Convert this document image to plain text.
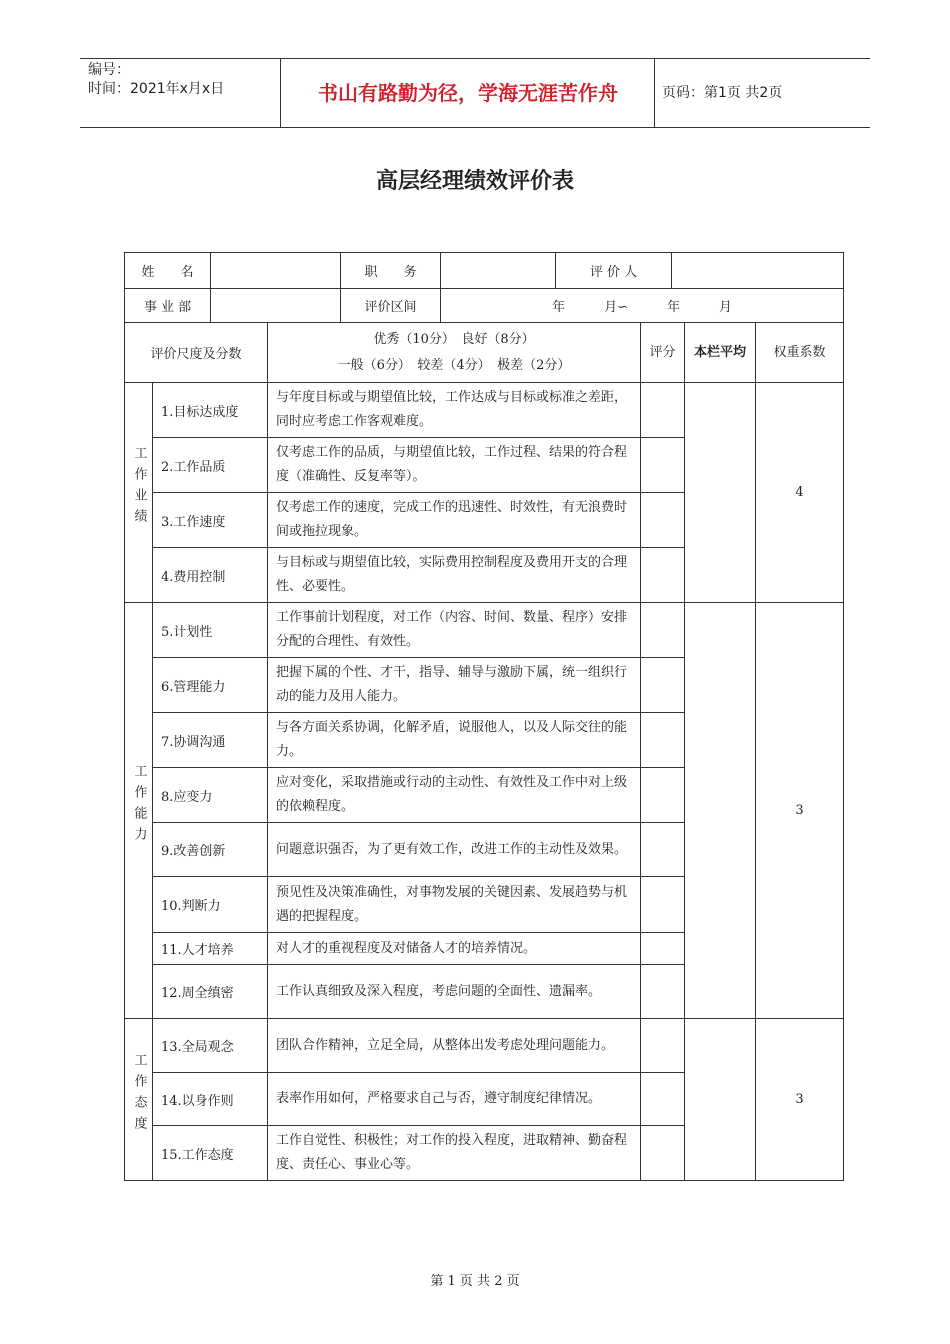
编号：
时间：2021年x月x日	书山有路勤为径，学海无涯苦作舟	页码：第1页 共2页
高层经理绩效评价表
姓　　名		职　　务		评 价 人	
事 业 部		评价区间	年　　　月∽　　　年　　　月		
评价尺度及分数		优秀（10分）　良好（8分）
一般（6分）　较差（4分）　极差（2分）	评分	本栏平均	权重系数
工作业绩	1.目标达成度	与年度目标或与期望值比较，工作达成与目标或标准之差距，同时应考虑工作客观难度。			4
	2.工作品质	仅考虑工作的品质，与期望值比较，工作过程、结果的符合程度（准确性、反复率等）。			
	3.工作速度	仅考虑工作的速度，完成工作的迅速性、时效性，有无浪费时间或拖拉现象。			
	4.费用控制	与目标或与期望值比较，实际费用控制程度及费用开支的合理性、必要性。			
工作能力	5.计划性	工作事前计划程度，对工作（内容、时间、数量、程序）安排分配的合理性、有效性。			3
	6.管理能力	把握下属的个性、才干，指导、辅导与激励下属，统一组织行动的能力及用人能力。			
	7.协调沟通	与各方面关系协调，化解矛盾，说服他人，以及人际交往的能力。			
	8.应变力	应对变化，采取措施或行动的主动性、有效性及工作中对上级的依赖程度。			
	9.改善创新	问题意识强否，为了更有效工作，改进工作的主动性及效果。			
	10.判断力	预见性及决策准确性，对事物发展的关键因素、发展趋势与机遇的把握程度。			
	11.人才培养	对人才的重视程度及对储备人才的培养情况。			
	12.周全缜密	工作认真细致及深入程度，考虑问题的全面性、遗漏率。			
工作态度	13.全局观念	团队合作精神，立足全局，从整体出发考虑处理问题能力。			3
	14.以身作则	表率作用如何，严格要求自己与否，遵守制度纪律情况。			
	15.工作态度	工作自觉性、积极性；对工作的投入程度，进取精神、勤奋程度、责任心、事业心等。			
第 1 页 共 2 页
